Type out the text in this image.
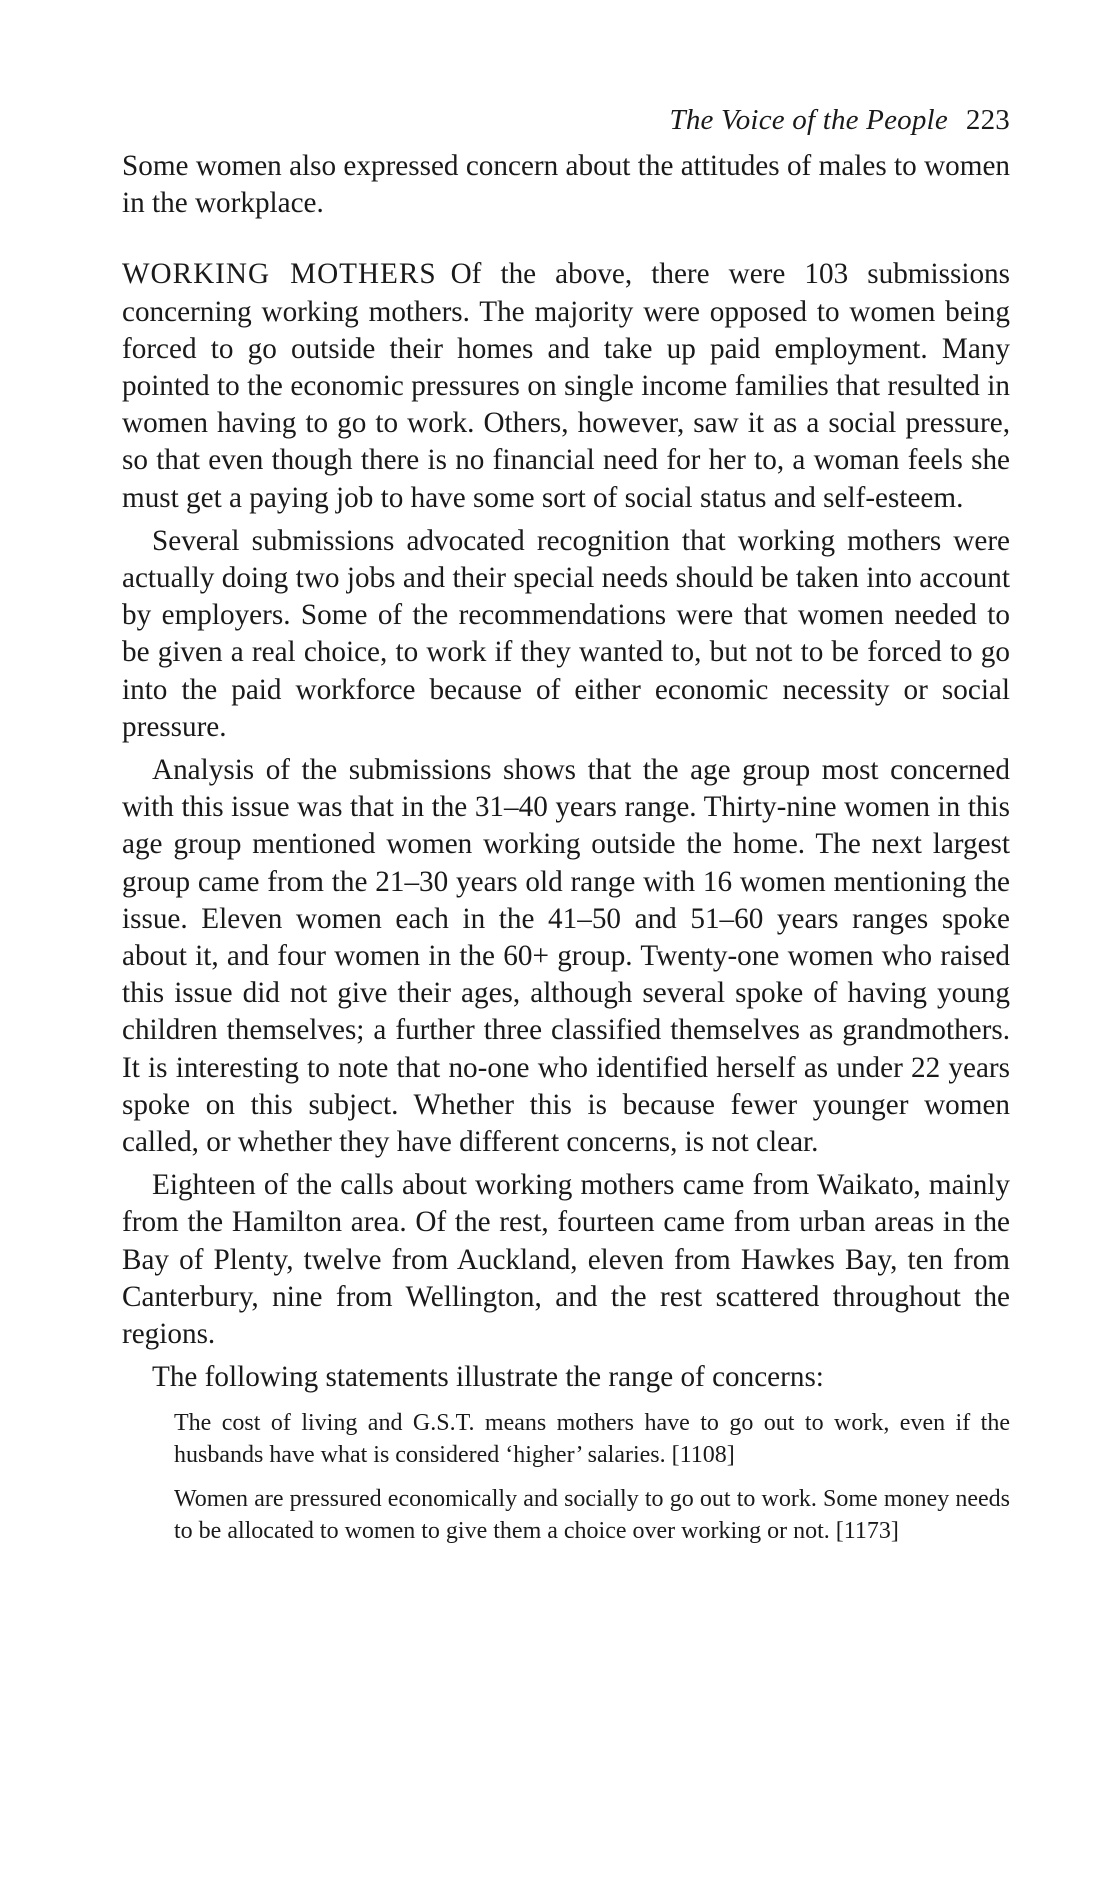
The Voice of the People 223

Some women also expressed concern about the attitudes of males to women in the workplace.

WORKING MOTHERS Of the above, there were 103 submissions concerning working mothers. The majority were opposed to women being forced to go outside their homes and take up paid employment. Many pointed to the economic pressures on single income families that resulted in women having to go to work. Others, however, saw it as a social pressure, so that even though there is no financial need for her to, a woman feels she must get a paying job to have some sort of social status and self-esteem.

Several submissions advocated recognition that working mothers were actually doing two jobs and their special needs should be taken into account by employers. Some of the recommendations were that women needed to be given a real choice, to work if they wanted to, but not to be forced to go into the paid workforce because of either economic necessity or social pressure.

Analysis of the submissions shows that the age group most concerned with this issue was that in the 31–40 years range. Thirty-nine women in this age group mentioned women working outside the home. The next largest group came from the 21–30 years old range with 16 women mentioning the issue. Eleven women each in the 41–50 and 51–60 years ranges spoke about it, and four women in the 60+ group. Twenty-one women who raised this issue did not give their ages, although several spoke of having young children themselves; a further three classified themselves as grandmothers. It is interesting to note that no-one who identified herself as under 22 years spoke on this subject. Whether this is because fewer younger women called, or whether they have different concerns, is not clear.

Eighteen of the calls about working mothers came from Waikato, mainly from the Hamilton area. Of the rest, fourteen came from urban areas in the Bay of Plenty, twelve from Auckland, eleven from Hawkes Bay, ten from Canterbury, nine from Wellington, and the rest scattered throughout the regions.

The following statements illustrate the range of concerns:

The cost of living and G.S.T. means mothers have to go out to work, even if the husbands have what is considered ‘higher’ salaries. [1108]

Women are pressured economically and socially to go out to work. Some money needs to be allocated to women to give them a choice over working or not. [1173]
